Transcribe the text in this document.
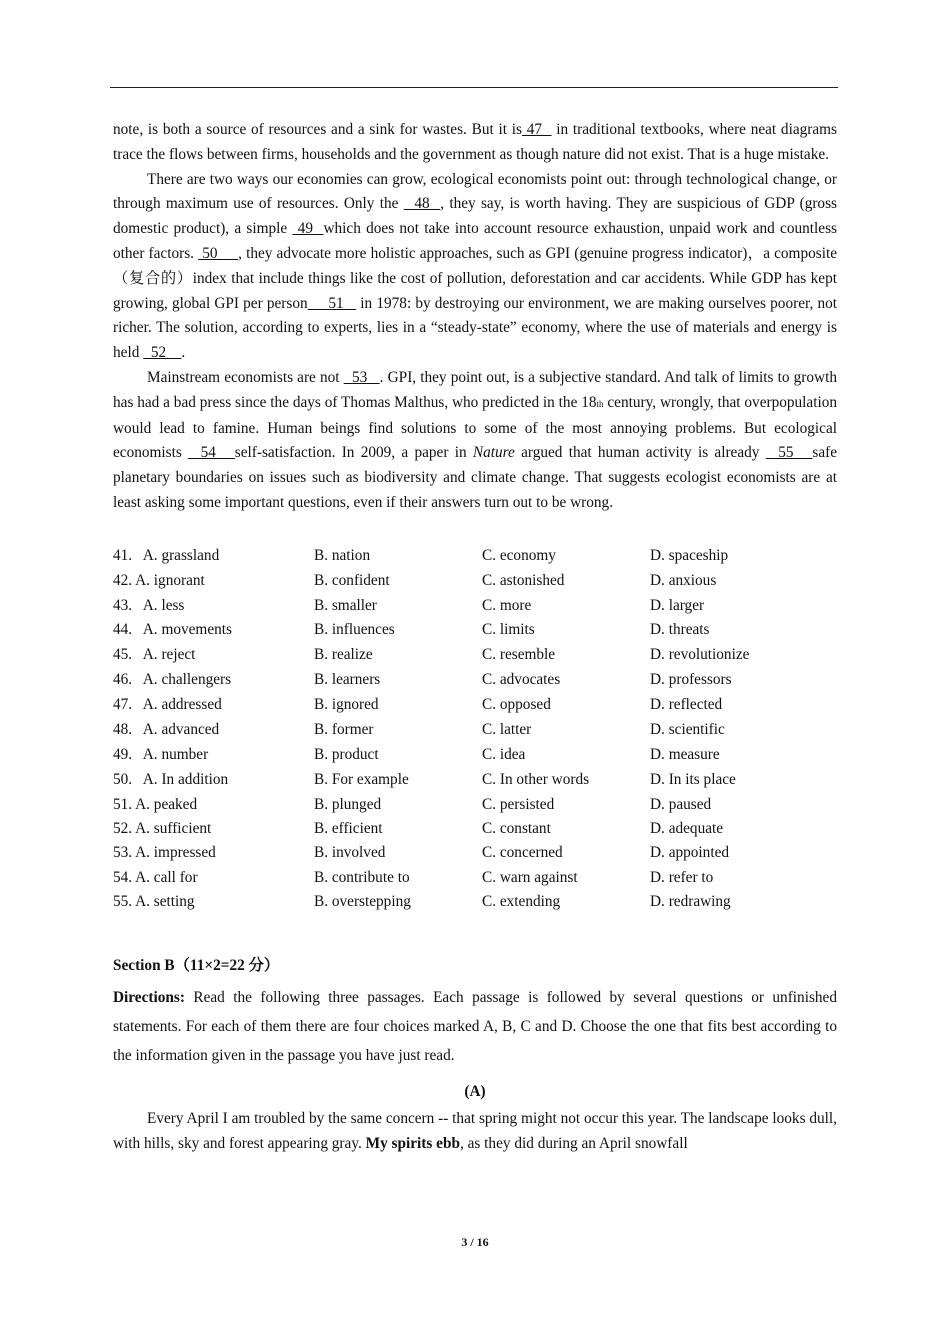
note, is both a source of resources and a sink for wastes. But it is 47   in traditional textbooks, where neat diagrams trace the flows between firms, households and the government as though nature did not exist. That is a huge mistake.

There are two ways our economies can grow, ecological economists point out: through technological change, or through maximum use of resources. Only the   48  , they say, is worth having. They are suspicious of GDP (gross domestic product), a simple  49  which does not take into account resource exhaustion, unpaid work and countless other factors.  50     , they advocate more holistic approaches, such as GPI (genuine progress indicator)，a composite（复合的）index that include things like the cost of pollution, deforestation and car accidents. While GDP has kept growing, global GPI per person     51    in 1978: by destroying our environment, we are making ourselves poorer, not richer. The solution, according to experts, lies in a “steady-state” economy, where the use of materials and energy is held   52    .

Mainstream economists are not   53   . GPI, they point out, is a subjective standard. And talk of limits to growth has had a bad press since the days of Thomas Malthus, who predicted in the 18th century, wrongly, that overpopulation would lead to famine. Human beings find solutions to some of the most annoying problems. But ecological economists   54   self-satisfaction. In 2009, a paper in Nature argued that human activity is already   55   safe planetary boundaries on issues such as biodiversity and climate change. That suggests ecologist economists are at least asking some important questions, even if their answers turn out to be wrong.

41.   A. grassland	B. nation	C. economy	D. spaceship
42. A. ignorant	B. confident	C. astonished	D. anxious
43.   A. less	B. smaller	C. more	D. larger
44.   A. movements	B. influences	C. limits	D. threats
45.   A. reject	B. realize	C. resemble	D. revolutionize
46.   A. challengers	B. learners	C. advocates	D. professors
47.   A. addressed	B. ignored	C. opposed	D. reflected
48.   A. advanced	B. former	C. latter	D. scientific
49.   A. number	B. product	C. idea	D. measure
50.   A. In addition	B. For example	C. In other words	D. In its place
51. A. peaked	B. plunged	C. persisted	D. paused
52. A. sufficient	B. efficient	C. constant	D. adequate
53. A. impressed	B. involved	C. concerned	D. appointed
54. A. call for	B. contribute to	C. warn against	D. refer to
55. A. setting	B. overstepping	C. extending	D. redrawing
Section B（11×2=22 分）

Directions: Read the following three passages. Each passage is followed by several questions or unfinished statements. For each of them there are four choices marked A, B, C and D. Choose the one that fits best according to the information given in the passage you have just read.

(A)

Every April I am troubled by the same concern -- that spring might not occur this year. The landscape looks dull, with hills, sky and forest appearing gray. My spirits ebb, as they did during an April snowfall

3 / 16
